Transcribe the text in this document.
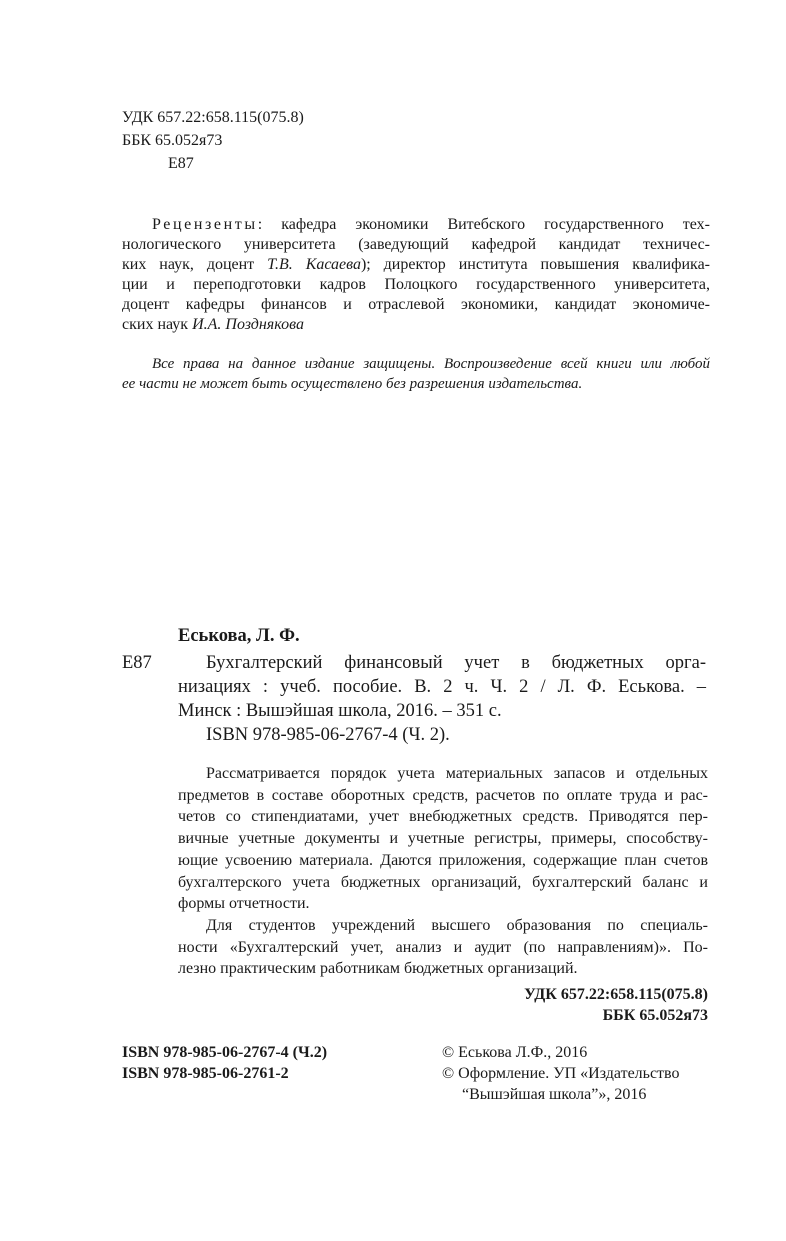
УДК 657.22:658.115(075.8)
ББК 65.052я73
Е87
Рецензенты: кафедра экономики Витебского государственного тех-
нологического университета (заведующий кафедрой кандидат техничес-
ких наук, доцент Т.В. Касаева); директор института повышения квалифика-
ции и переподготовки кадров Полоцкого государственного университета,
доцент кафедры финансов и отраслевой экономики, кандидат экономиче-
ских наук И.А. Позднякова
Все права на данное издание защищены. Воспроизведение всей книги или любой
ее части не может быть осуществлено без разрешения издательства.
Еськова, Л. Ф.
Е87	Бухгалтерский финансовый учет в бюджетных орга-
низациях : учеб. пособие. В. 2 ч. Ч. 2 / Л. Ф. Еськова. –
Минск : Вышэйшая школа, 2016. – 351 с.
ISBN 978-985-06-2767-4 (Ч. 2).
Рассматривается порядок учета материальных запасов и отдельных
предметов в составе оборотных средств, расчетов по оплате труда и рас-
четов со стипендиатами, учет внебюджетных средств. Приводятся пер-
вичные учетные документы и учетные регистры, примеры, способству-
ющие усвоению материала. Даются приложения, содержащие план счетов
бухгалтерского учета бюджетных организаций, бухгалтерский баланс и
формы отчетности.
Для студентов учреждений высшего образования по специаль-
ности «Бухгалтерский учет, анализ и аудит (по направлениям)». По-
лезно практическим работникам бюджетных организаций.
УДК 657.22:658.115(075.8)
ББК 65.052я73
ISBN 978-985-06-2767-4 (Ч.2)
ISBN 978-985-06-2761-2
© Еськова Л.Ф., 2016
© Оформление. УП «Издательство
“Вышэйшая школа”», 2016
